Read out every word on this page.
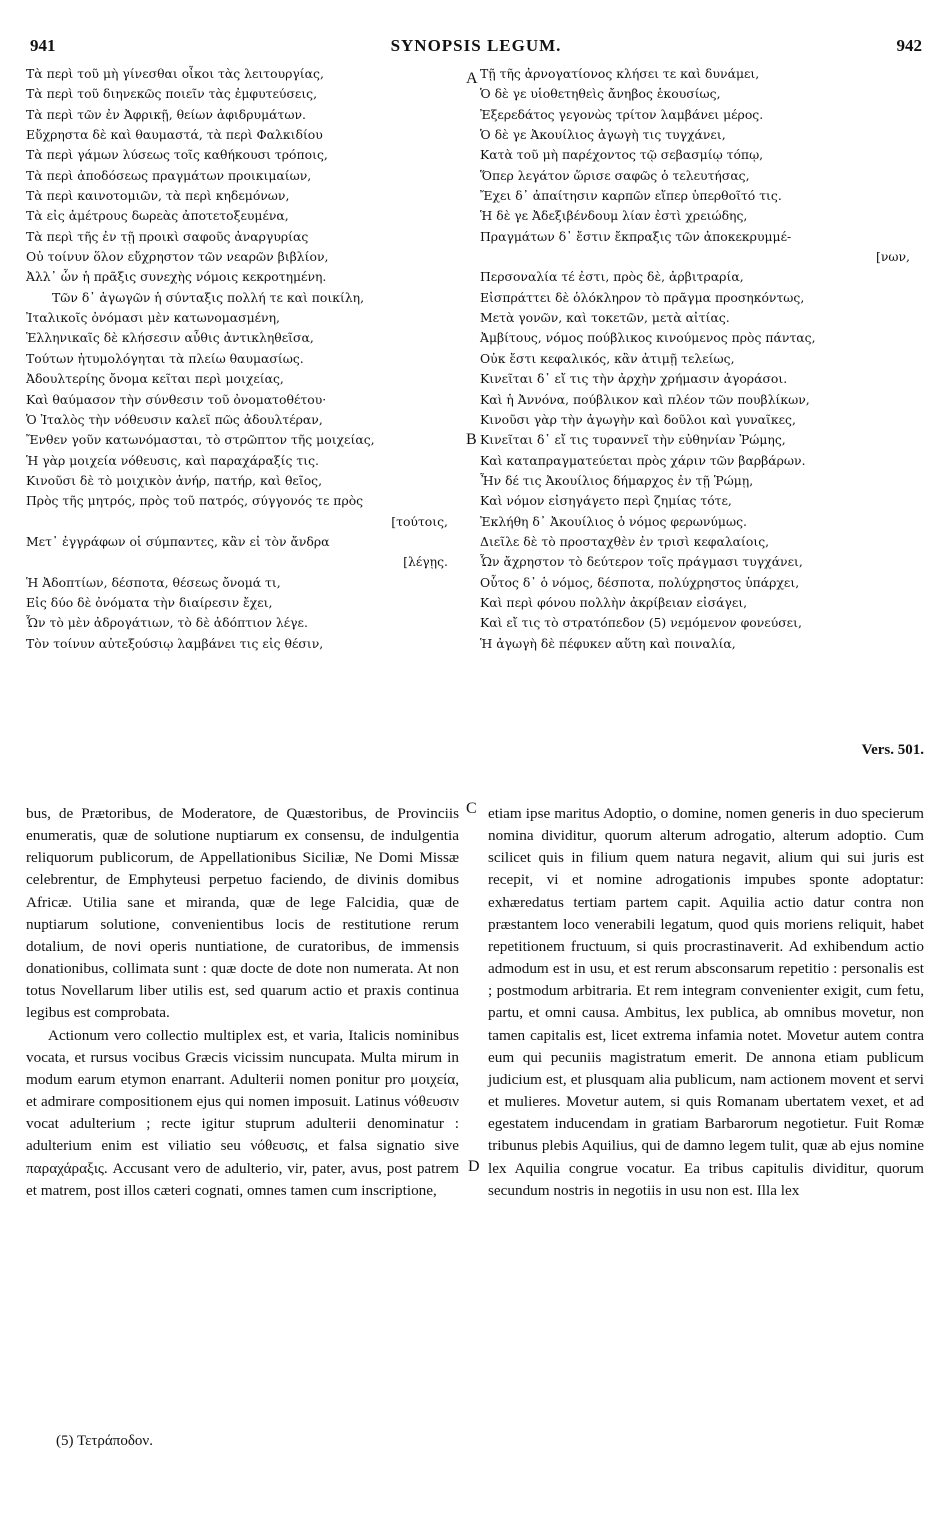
941	SYNOPSIS LEGUM.	942
A
B
C
D
Τὰ περὶ τοῦ μὴ γίνεσθαι οἶκοι τὰς λειτουργίας,
Τὰ περὶ τοῦ διηνεκῶς ποιεῖν τὰς ἐμφυτεύσεις,
Τὰ περὶ τῶν ἐν Ἀφρικῇ, θείων ἀφιδρυμάτων.
Εὔχρηστα δὲ καὶ θαυμαστά, τὰ περὶ Φαλκιδίου
Τὰ περὶ γάμων λύσεως τοῖς καθήκουσι τρόποις,
Τὰ περὶ ἀποδόσεως πραγμάτων προικιμαίων,
Τὰ περὶ καινοτομιῶν, τὰ περὶ κηδεμόνων,
Τὰ εἰς ἀμέτρους δωρεὰς ἀποτετοξευμένα,
Τὰ περὶ τῆς ἐν τῇ προικὶ σαφοῦς ἀναργυρίας
Οὐ τοίνυν ὅλον εὔχρηστον τῶν νεαρῶν βιβλίον,
Ἀλλ᾽ ὧν ἡ πρᾶξις συνεχὴς νόμοις κεκροτημένη.
Τῶν δ᾽ ἀγωγῶν ἡ σύνταξις πολλή τε καὶ ποικίλη,
Ἰταλικοῖς ὀνόμασι μὲν κατωνομασμένη,
Ἑλληνικαῖς δὲ κλήσεσιν αὖθις ἀντικληθεῖσα,
Τούτων ἠτυμολόγηται τὰ πλείω θαυμασίως.
Ἀδουλτερίης ὄνομα κεῖται περὶ μοιχείας,
Καὶ θαύμασον τὴν σύνθεσιν τοῦ ὀνοματοθέτου·
Ὁ Ἰταλὸς τὴν νόθευσιν καλεῖ πῶς ἀδουλτέραν,
Ἔνθεν γοῦν κατωνόμασται, τὸ στρῶπτον τῆς μοιχείας,
Ἡ γὰρ μοιχεία νόθευσις, καὶ παραχάραξίς τις.
Κινοῦσι δὲ τὸ μοιχικὸν ἀνήρ, πατήρ, καὶ θεῖος,
Πρὸς τῆς μητρός, πρὸς τοῦ πατρός, σύγγονός τε πρὸς
[τούτοις,
Μετ᾽ ἐγγράφων οἱ σύμπαντες, κἂν εἰ τὸν ἄνδρα
[λέγῃς.
Ἡ Ἀδοπτίων, δέσποτα, θέσεως ὄνομά τι,
Εἰς δύο δὲ ὀνόματα τὴν διαίρεσιν ἔχει,
Ὧν τὸ μὲν ἀδρογάτιων, τὸ δὲ ἀδόπτιον λέγε.
Τὸν τοίνυν αὐτεξούσιῳ λαμβάνει τις εἰς θέσιν,
Τῇ τῆς ἀρνογατίονος κλήσει τε καὶ δυνάμει,
Ὁ δὲ γε υἱοθετηθεὶς ἄνηβος ἑκουσίως,
Ἐξερεδάτος γεγονὼς τρίτον λαμβάνει μέρος.
Ὁ δὲ γε Ἀκουίλιος ἀγωγὴ τις τυγχάνει,
Κατὰ τοῦ μὴ παρέχοντος τῷ σεβασμίῳ τόπῳ,
Ὅπερ λεγάτον ὥρισε σαφῶς ὁ τελευτήσας,
Ἔχει δ᾽ ἀπαίτησιν καρπῶν εἴπερ ὑπερθοῖτό τις.
Ἡ δὲ γε Ἀδεξιβένδουμ λίαν ἐστὶ χρειώδης,
Πραγμάτων δ᾽ ἔστιν ἔκπραξις τῶν ἀποκεκρυμμέ-
[νων,
Περσοναλία τέ ἐστι, πρὸς δὲ, ἀρβιτραρία,
Εἰσπράττει δὲ ὁλόκληρον τὸ πρᾶγμα προσηκόντως,
Μετὰ γονῶν, καὶ τοκετῶν, μετὰ αἰτίας.
Ἀμβίτους, νόμος πούβλικος κινούμενος πρὸς πάντας,
Οὐκ ἔστι κεφαλικός, κἂν ἀτιμῇ τελείως,
Κινεῖται δ᾽ εἴ τις τὴν ἀρχὴν χρήμασιν ἀγοράσοι.
Καὶ ἡ Ἀννόνα, πούβλικον καὶ πλέον τῶν πουβλίκων,
Κινοῦσι γὰρ τὴν ἀγωγὴν καὶ δοῦλοι καὶ γυναῖκες,
Κινεῖται δ᾽ εἴ τις τυραννεῖ τὴν εὐθηνίαν Ῥώμης,
Καὶ καταπραγματεύεται πρὸς χάριν τῶν βαρβάρων.
Ἦν δέ τις Ἀκουίλιος δήμαρχος ἐν τῇ Ῥώμῃ,
Καὶ νόμον εἰσηγάγετο περὶ ζημίας τότε,
Ἐκλήθη δ᾽ Ἀκουίλιος ὁ νόμος φερωνύμως.
Διεῖλε δὲ τὸ προσταχθὲν ἐν τρισὶ κεφαλαίοις,
Ὧν ἄχρηστον τὸ δεύτερον τοῖς πράγμασι τυγχάνει,
Οὗτος δ᾽ ὁ νόμος, δέσποτα, πολύχρηστος ὑπάρχει,
Καὶ περὶ φόνου πολλὴν ἀκρίβειαν εἰσάγει,
Καὶ εἴ τις τὸ στρατόπεδον (5) νεμόμενον φονεύσει,
Ἡ ἀγωγὴ δὲ πέφυκεν αὕτη καὶ ποιναλία,
Vers. 501.

bus, de Prætoribus, de Moderatore, de Quæstoribus, de Provinciis enumeratis, quæ de solutione nuptiarum ex consensu, de indulgentia reliquorum publicorum, de Appellationibus Siciliæ, Ne Domi Missæ celebrentur, de Emphyteusi perpetuo faciendo, de divinis domibus Africæ. Utilia sane et miranda, quæ de lege Falcidia, quæ de nuptiarum solutione, convenientibus locis de restitutione rerum dotalium, de novi operis nuntiatione, de curatoribus, de immensis donationibus, collimata sunt : quæ docte de dote non numerata. At non totus Novellarum liber utilis est, sed quarum actio et praxis continua legibus est comprobata.

Actionum vero collectio multiplex est, et varia, Italicis nominibus vocata, et rursus vocibus Græcis vicissim nuncupata. Multa mirum in modum earum etymon enarrant. Adulterii nomen ponitur pro μοιχεία, et admirare compositionem ejus qui nomen imposuit. Latinus νόθευσιν vocat adulterium ; recte igitur stuprum adulterii denominatur : adulterium enim est viliatio seu νόθευσις, et falsa signatio sive παραχάραξις. Accusant vero de adulterio, vir, pater, avus, post patrem et matrem, post illos cæteri cognati, omnes tamen cum inscriptione,

etiam ipse maritus Adoptio, o domine, nomen generis in duo specierum nomina dividitur, quorum alterum adrogatio, alterum adoptio. Cum scilicet quis in filium quem natura negavit, alium qui sui juris est recepit, vi et nomine adrogationis impubes sponte adoptatur: exhæredatus tertiam partem capit. Aquilia actio datur contra non præstantem loco venerabili legatum, quod quis moriens reliquit, habet repetitionem fructuum, si quis procrastinaverit. Ad exhibendum actio admodum est in usu, et est rerum absconsarum repetitio : personalis est ; postmodum arbitraria. Et rem integram convenienter exigit, cum fetu, partu, et omni causa. Ambitus, lex publica, ab omnibus movetur, non tamen capitalis est, licet extrema infamia notet. Movetur autem contra eum qui pecuniis magistratum emerit. De annona etiam publicum judicium est, et plusquam alia publicum, nam actionem movent et servi et mulieres. Movetur autem, si quis Romanam ubertatem vexet, et ad egestatem inducendam in gratiam Barbarorum negotietur. Fuit Romæ tribunus plebis Aquilius, qui de damno legem tulit, quæ ab ejus nomine lex Aquilia congrue vocatur. Ea tribus capitulis dividitur, quorum secundum nostris in negotiis in usu non est. Illa lex

(5) Τετράποδον.
